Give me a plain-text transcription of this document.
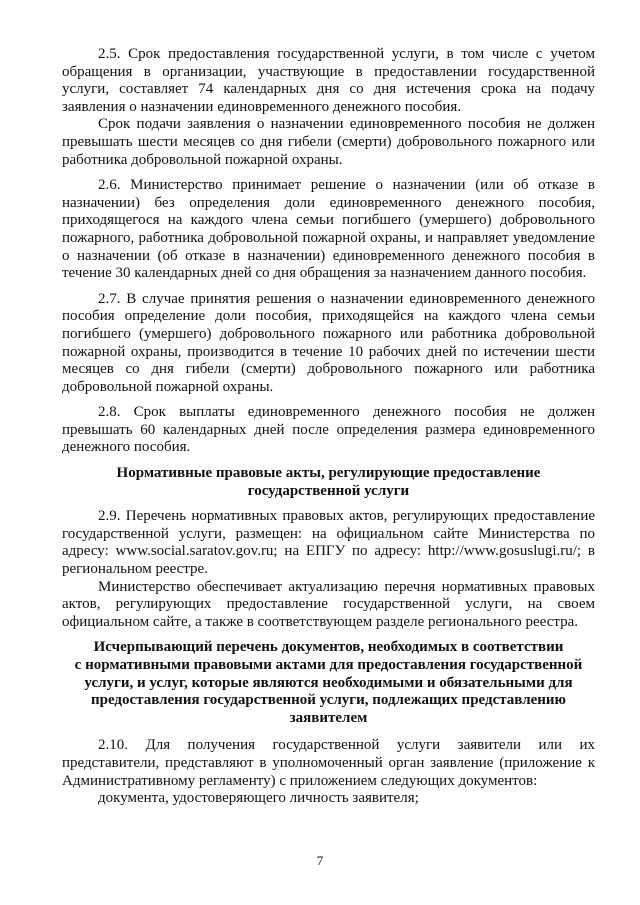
2.5. Срок предоставления государственной услуги, в том числе с учетом обращения в организации, участвующие в предоставлении государственной услуги, составляет 74 календарных дня со дня истечения срока на подачу заявления о назначении единовременного денежного пособия.

Срок подачи заявления о назначении единовременного пособия не должен превышать шести месяцев со дня гибели (смерти) добровольного пожарного или работника добровольной пожарной охраны.

2.6. Министерство принимает решение о назначении (или об отказе в назначении) без определения доли единовременного денежного пособия, приходящегося на каждого члена семьи погибшего (умершего) добровольного пожарного, работника добровольной пожарной охраны, и направляет уведомление о назначении (об отказе в назначении) единовременного денежного пособия в течение 30 календарных дней со дня обращения за назначением данного пособия.

2.7. В случае принятия решения о назначении единовременного денежного пособия определение доли пособия, приходящейся на каждого члена семьи погибшего (умершего) добровольного пожарного или работника добровольной пожарной охраны, производится в течение 10 рабочих дней по истечении шести месяцев со дня гибели (смерти) добровольного пожарного или работника добровольной пожарной охраны.

2.8. Срок выплаты единовременного денежного пособия не должен превышать 60 календарных дней после определения размера единовременного денежного пособия.

Нормативные правовые акты, регулирующие предоставление

государственной услуги

2.9. Перечень нормативных правовых актов, регулирующих предоставление государственной услуги, размещен: на официальном сайте Министерства по адресу: www.social.saratov.gov.ru; на ЕПГУ по адресу: http://www.gosuslugi.ru/; в региональном реестре.

Министерство обеспечивает актуализацию перечня нормативных правовых актов, регулирующих предоставление государственной услуги, на своем официальном сайте, а также в соответствующем разделе регионального реестра.

Исчерпывающий перечень документов, необходимых в соответствии

с нормативными правовыми актами для предоставления государственной

услуги, и услуг, которые являются необходимыми и обязательными для

предоставления государственной услуги, подлежащих представлению

заявителем

2.10. Для получения государственной услуги заявители или их представители, представляют в уполномоченный орган заявление (приложение к Административному регламенту) с приложением следующих документов:

документа, удостоверяющего личность заявителя;

7
